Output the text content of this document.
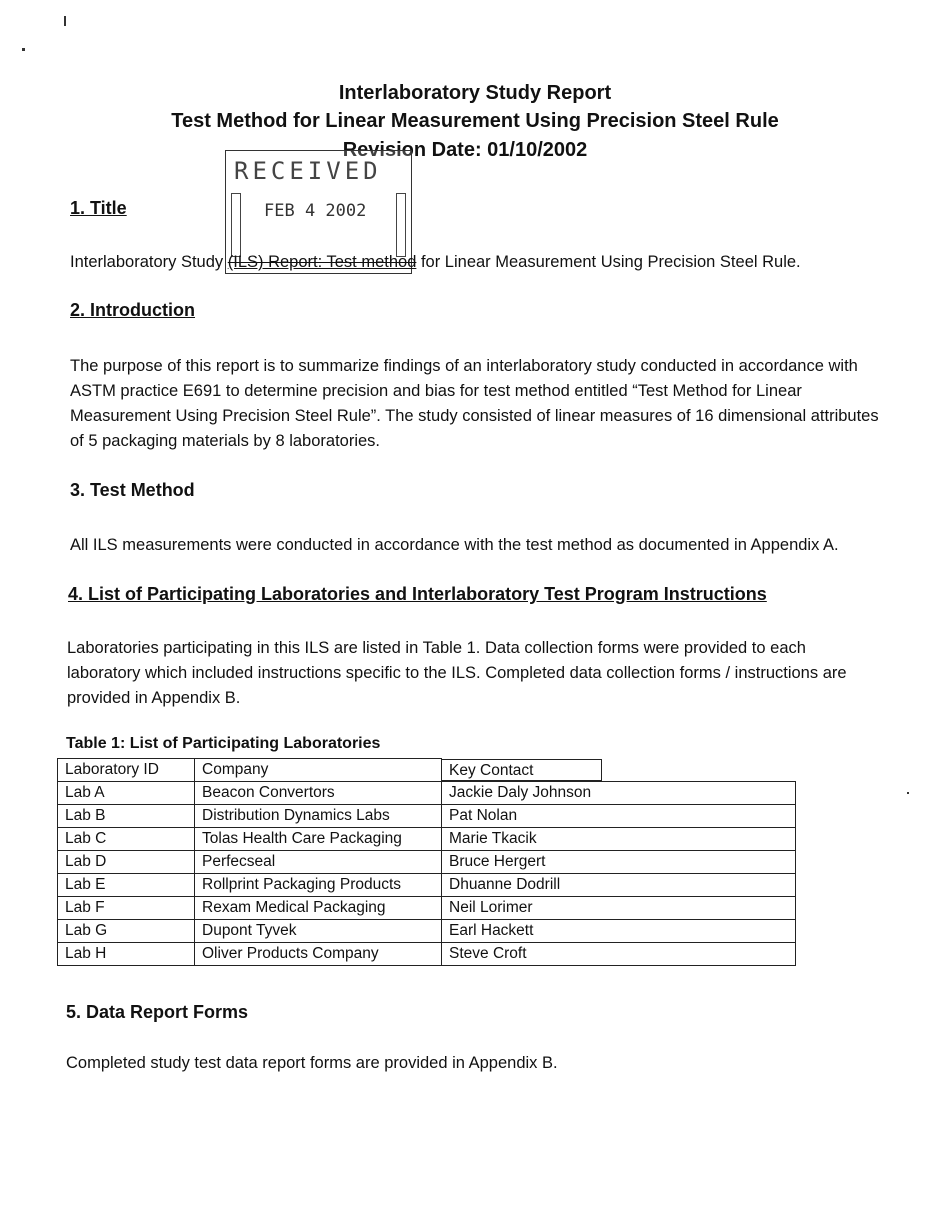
Interlaboratory Study Report
Test Method for Linear Measurement Using Precision Steel Rule
Revision Date: 01/10/2002
RECEIVED
FEB 4 2002
1. Title
Interlaboratory Study (ILS) Report: Test method for Linear Measurement Using Precision Steel Rule.
2. Introduction
The purpose of this report is to summarize findings of an interlaboratory study conducted in accordance with ASTM practice E691 to determine precision and bias for test method entitled “Test Method for Linear Measurement Using Precision Steel Rule”. The study consisted of linear measures of 16 dimensional attributes of 5 packaging materials by 8 laboratories.
3. Test Method
All ILS measurements were conducted in accordance with the test method as documented in Appendix A.
4. List of Participating Laboratories and Interlaboratory Test Program Instructions
Laboratories participating in this ILS are listed in Table 1. Data collection forms were provided to each laboratory which included instructions specific to the ILS. Completed data collection forms / instructions are provided in Appendix B.
Table 1: List of Participating Laboratories
Laboratory ID	Company	Key Contact

Lab A	Beacon Convertors	Jackie Daly Johnson
Lab B	Distribution Dynamics Labs	Pat Nolan
Lab C	Tolas Health Care Packaging	Marie Tkacik
Lab D	Perfecseal	Bruce Hergert
Lab E	Rollprint Packaging Products	Dhuanne Dodrill
Lab F	Rexam Medical Packaging	Neil Lorimer
Lab G	Dupont Tyvek	Earl Hackett
Lab H	Oliver Products Company	Steve Croft
5. Data Report Forms
Completed study test data report forms are provided in Appendix B.
